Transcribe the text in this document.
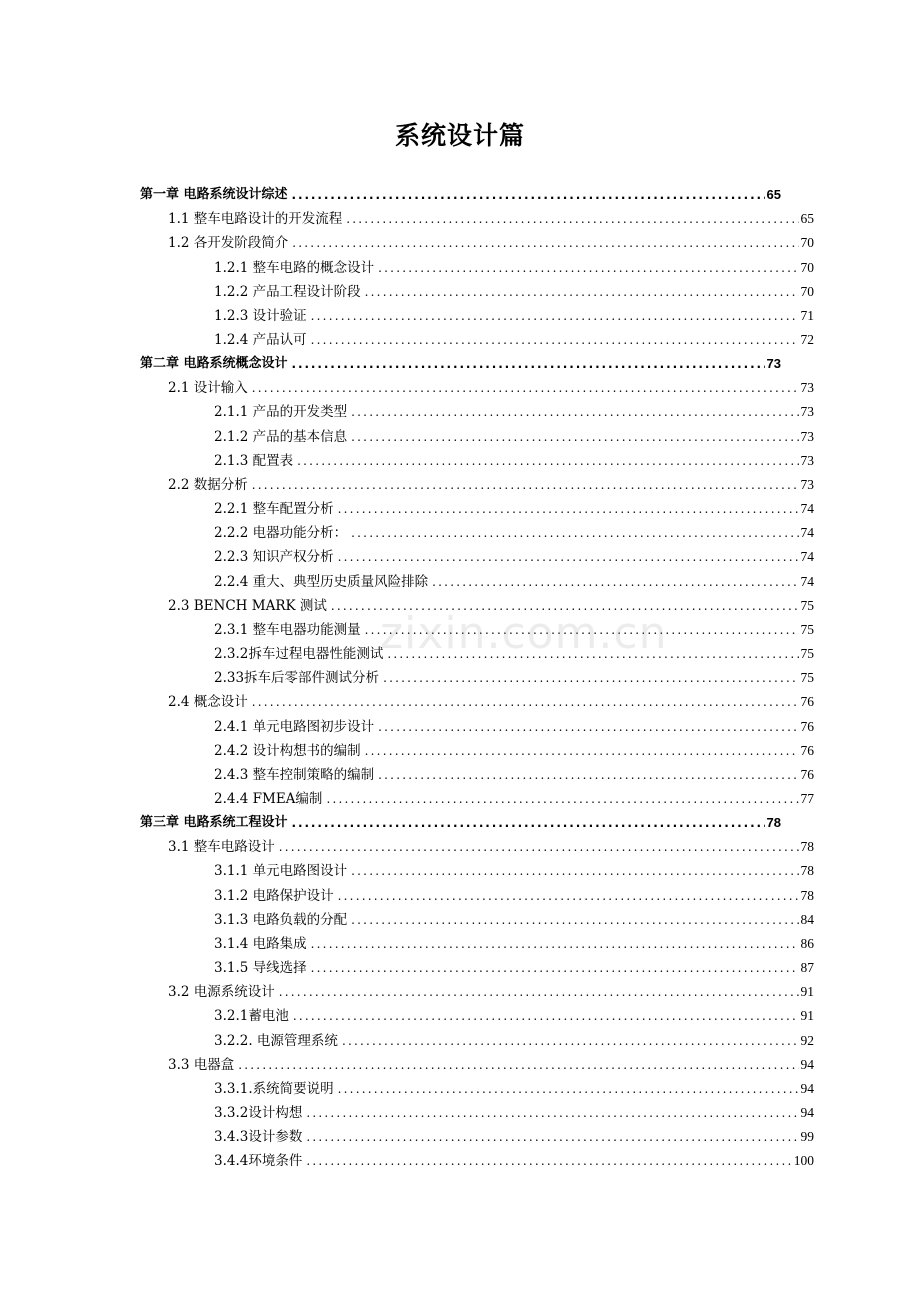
系统设计篇
第一章 电路系统设计综述 .....	65
1.1 整车电路设计的开发流程 .....	65
1.2 各开发阶段简介 .....	70
1.2.1 整车电路的概念设计 .....	70
1.2.2 产品工程设计阶段 .....	70
1.2.3 设计验证 .....	71
1.2.4 产品认可 .....	72
第二章 电路系统概念设计 .....	73
2.1 设计输入 .....	73
2.1.1 产品的开发类型 .....	73
2.1.2 产品的基本信息 .....	73
2.1.3 配置表 .....	73
2.2 数据分析 .....	73
2.2.1 整车配置分析 .....	74
2.2.2 电器功能分析： .....	74
2.2.3 知识产权分析 .....	74
2.2.4 重大、典型历史质量风险排除 .....	74
2.3 BENCH MARK 测试 .....	75
2.3.1 整车电器功能测量 .....	75
2.3.2拆车过程电器性能测试 .....	75
2.33拆车后零部件测试分析 .....	75
2.4 概念设计 .....	76
2.4.1 单元电路图初步设计 .....	76
2.4.2 设计构想书的编制 .....	76
2.4.3 整车控制策略的编制 .....	76
2.4.4 FMEA编制 .....	77
第三章 电路系统工程设计 .....	78
3.1 整车电路设计 .....	78
3.1.1 单元电路图设计 .....	78
3.1.2 电路保护设计 .....	78
3.1.3 电路负载的分配 .....	84
3.1.4 电路集成 .....	86
3.1.5 导线选择 .....	87
3.2 电源系统设计 .....	91
3.2.1蓄电池 .....	91
3.2.2. 电源管理系统 .....	92
3.3 电器盒 .....	94
3.3.1.系统简要说明 .....	94
3.3.2设计构想 .....	94
3.4.3设计参数 .....	99
3.4.4环境条件 .....	100
zixin.com.cn
